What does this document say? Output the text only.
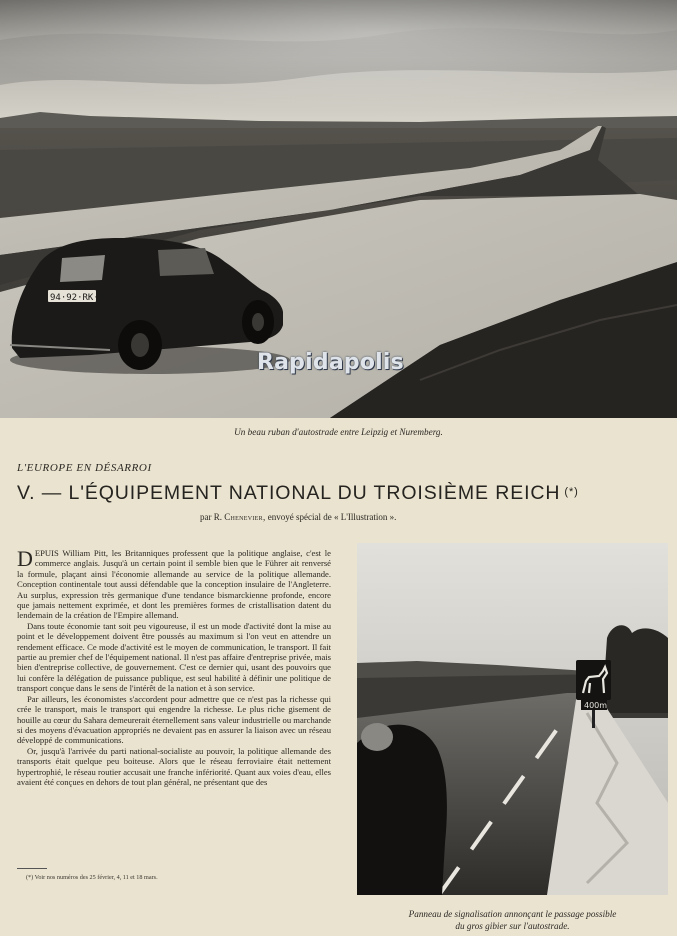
94·92·RK·1
Rapidapolis
Un beau ruban d'autostrade entre Leipzig et Nuremberg.
L'EUROPE EN DÉSARROI
V. — L'ÉQUIPEMENT NATIONAL DU TROISIÈME REICH (*)
par R. Chenevier, envoyé spécial de « L'Illustration ».

DEPUIS William Pitt, les Britanniques professent que la politique anglaise, c'est le commerce anglais. Jusqu'à un certain point il semble bien que le Führer ait renversé la formule, plaçant ainsi l'économie allemande au service de la politique allemande. Conception continentale tout aussi défendable que la conception insulaire de l'Angleterre. Au surplus, expression très germanique d'une tendance bismarckienne profonde, encore que jamais nettement exprimée, et dont les premières formes de cristallisation datent du lendemain de la création de l'Empire allemand.

Dans toute économie tant soit peu vigoureuse, il est un mode d'activité dont la mise au point et le développement doivent être poussés au maximum si l'on veut en attendre un rendement efficace. Ce mode d'activité est le moyen de communication, le transport. Il fait partie au premier chef de l'équipement national. Il n'est pas affaire d'entreprise privée, mais bien d'entreprise collective, de gouvernement. C'est ce dernier qui, usant des pouvoirs que lui confère la délégation de puissance publique, est seul habilité à définir une politique de transport conçue dans le sens de l'intérêt de la nation et à son service.

Par ailleurs, les économistes s'accordent pour admettre que ce n'est pas la richesse qui crée le transport, mais le transport qui engendre la richesse. Le plus riche gisement de houille au cœur du Sahara demeurerait éternellement sans valeur industrielle ou marchande si des moyens d'évacuation appropriés ne devaient pas en assurer la liaison avec un réseau développé de communications.

Or, jusqu'à l'arrivée du parti national-socialiste au pouvoir, la politique allemande des transports était quelque peu boiteuse. Alors que le réseau ferroviaire était nettement hypertrophié, le réseau routier accusait une franche infériorité. Quant aux voies d'eau, elles avaient été conçues en dehors de tout plan général, ne présentant que des

(*) Voir nos numéros des 25 février, 4, 11 et 18 mars.
400m
Panneau de signalisation annonçant le passage possible
du gros gibier sur l'autostrade.
